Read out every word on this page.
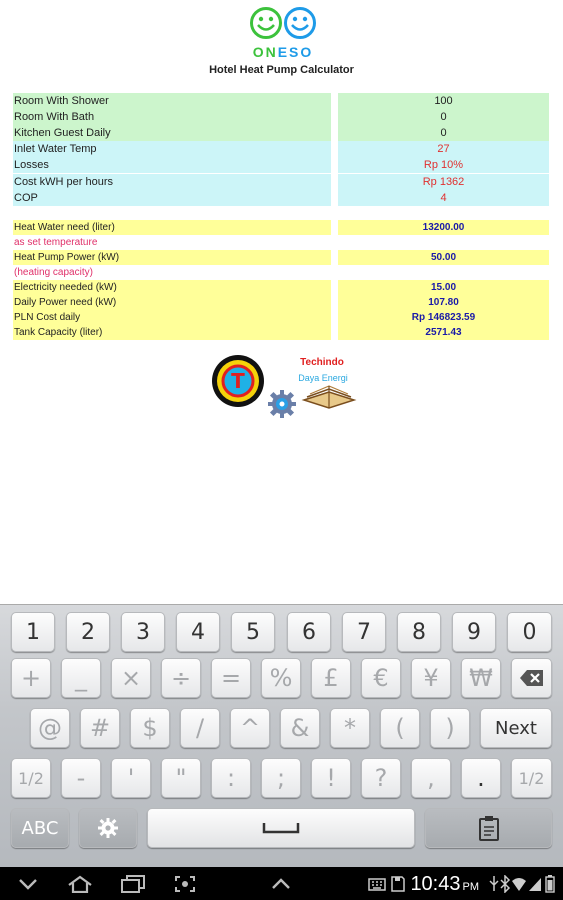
ONESO
Hotel Heat Pump Calculator
Room With Shower	100
Room With Bath	0
Kitchen Guest Daily	0
Inlet Water Temp	27
Losses	Rp 10%
Cost kWH per hours	Rp 1362
COP	4
Heat Water need (liter)	13200.00
as set temperature
Heat Pump Power (kW)	50.00
(heating capacity)
Electricity needed (kW)	15.00
Daily Power need (kW)	107.80
PLN Cost daily	Rp 146823.59
Tank Capacity (liter)	2571.43
T
Techindo
Daya Energi
1	2	3	4	5	6	7	8	9	0
+	_	×	÷	=	%	£	€	¥	₩
@	#	$	/	^	&	*	(	)	Next
1/2	-	'	"	:	;	!	?	,	.	1/2
ABC
10:43 PM
